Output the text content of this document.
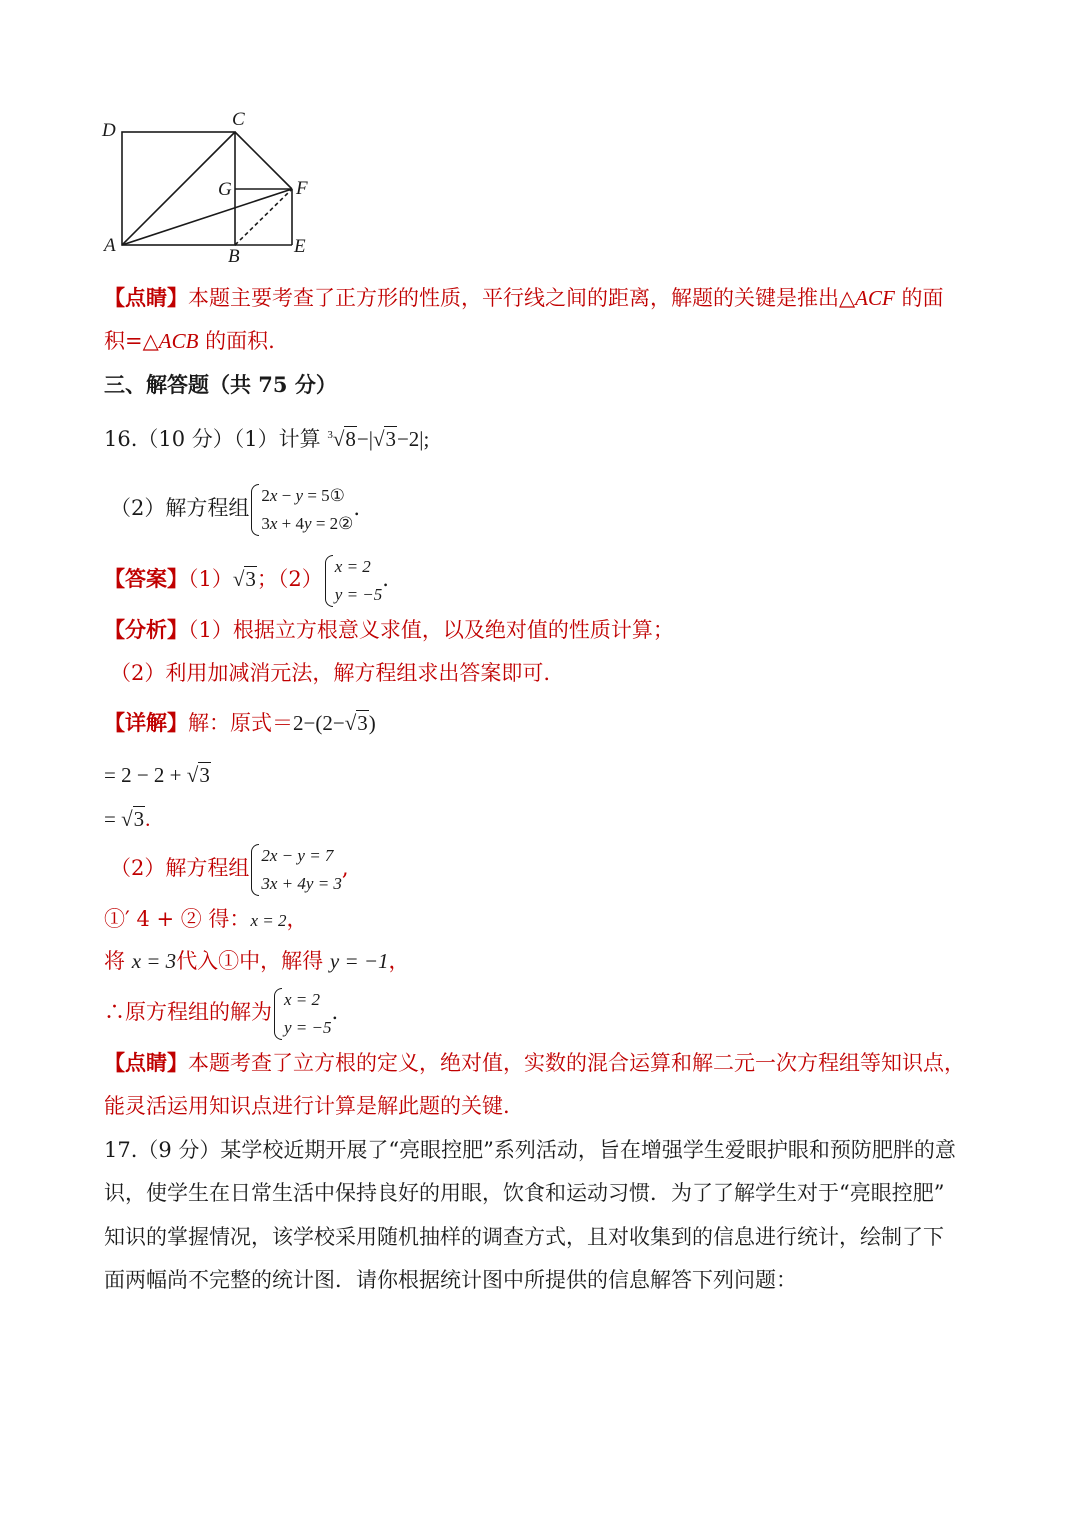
D
C
G	F
A
B	E
【点睛】本题主要考查了正方形的性质，平行线之间的距离，解题的关键是推出△ACF 的面
积=△ACB 的面积.
三、解答题（共 75 分）
16.（10 分）（1）计算 $^3$√8−|√3−2|;
（2）解方程组
2x − y = 5①
3x + 4y = 2②
.
【答案】（1）√3；（2）
x = 2
y = −5
.
【分析】（1）根据立方根意义求值，以及绝对值的性质计算；
（2）利用加减消元法，解方程组求出答案即可.
【详解】解：原式＝2−(2−√3)
= 2 − 2 + √3
= √3.
（2）解方程组
2x − y = 7
3x + 4y = 3
,
①′ 4 + ② 得：x = 2，
将 x = 3代入①中，解得 y = −1，
∴原方程组的解为
x = 2
y = −5
.
【点睛】本题考查了立方根的定义，绝对值，实数的混合运算和解二元一次方程组等知识点，
能灵活运用知识点进行计算是解此题的关键.
17.（9 分）某学校近期开展了“亮眼控肥”系列活动，旨在增强学生爱眼护眼和预防肥胖的意
识，使学生在日常生活中保持良好的用眼，饮食和运动习惯．为了了解学生对于“亮眼控肥”
知识的掌握情况，该学校采用随机抽样的调查方式，且对收集到的信息进行统计，绘制了下
面两幅尚不完整的统计图．请你根据统计图中所提供的信息解答下列问题：
